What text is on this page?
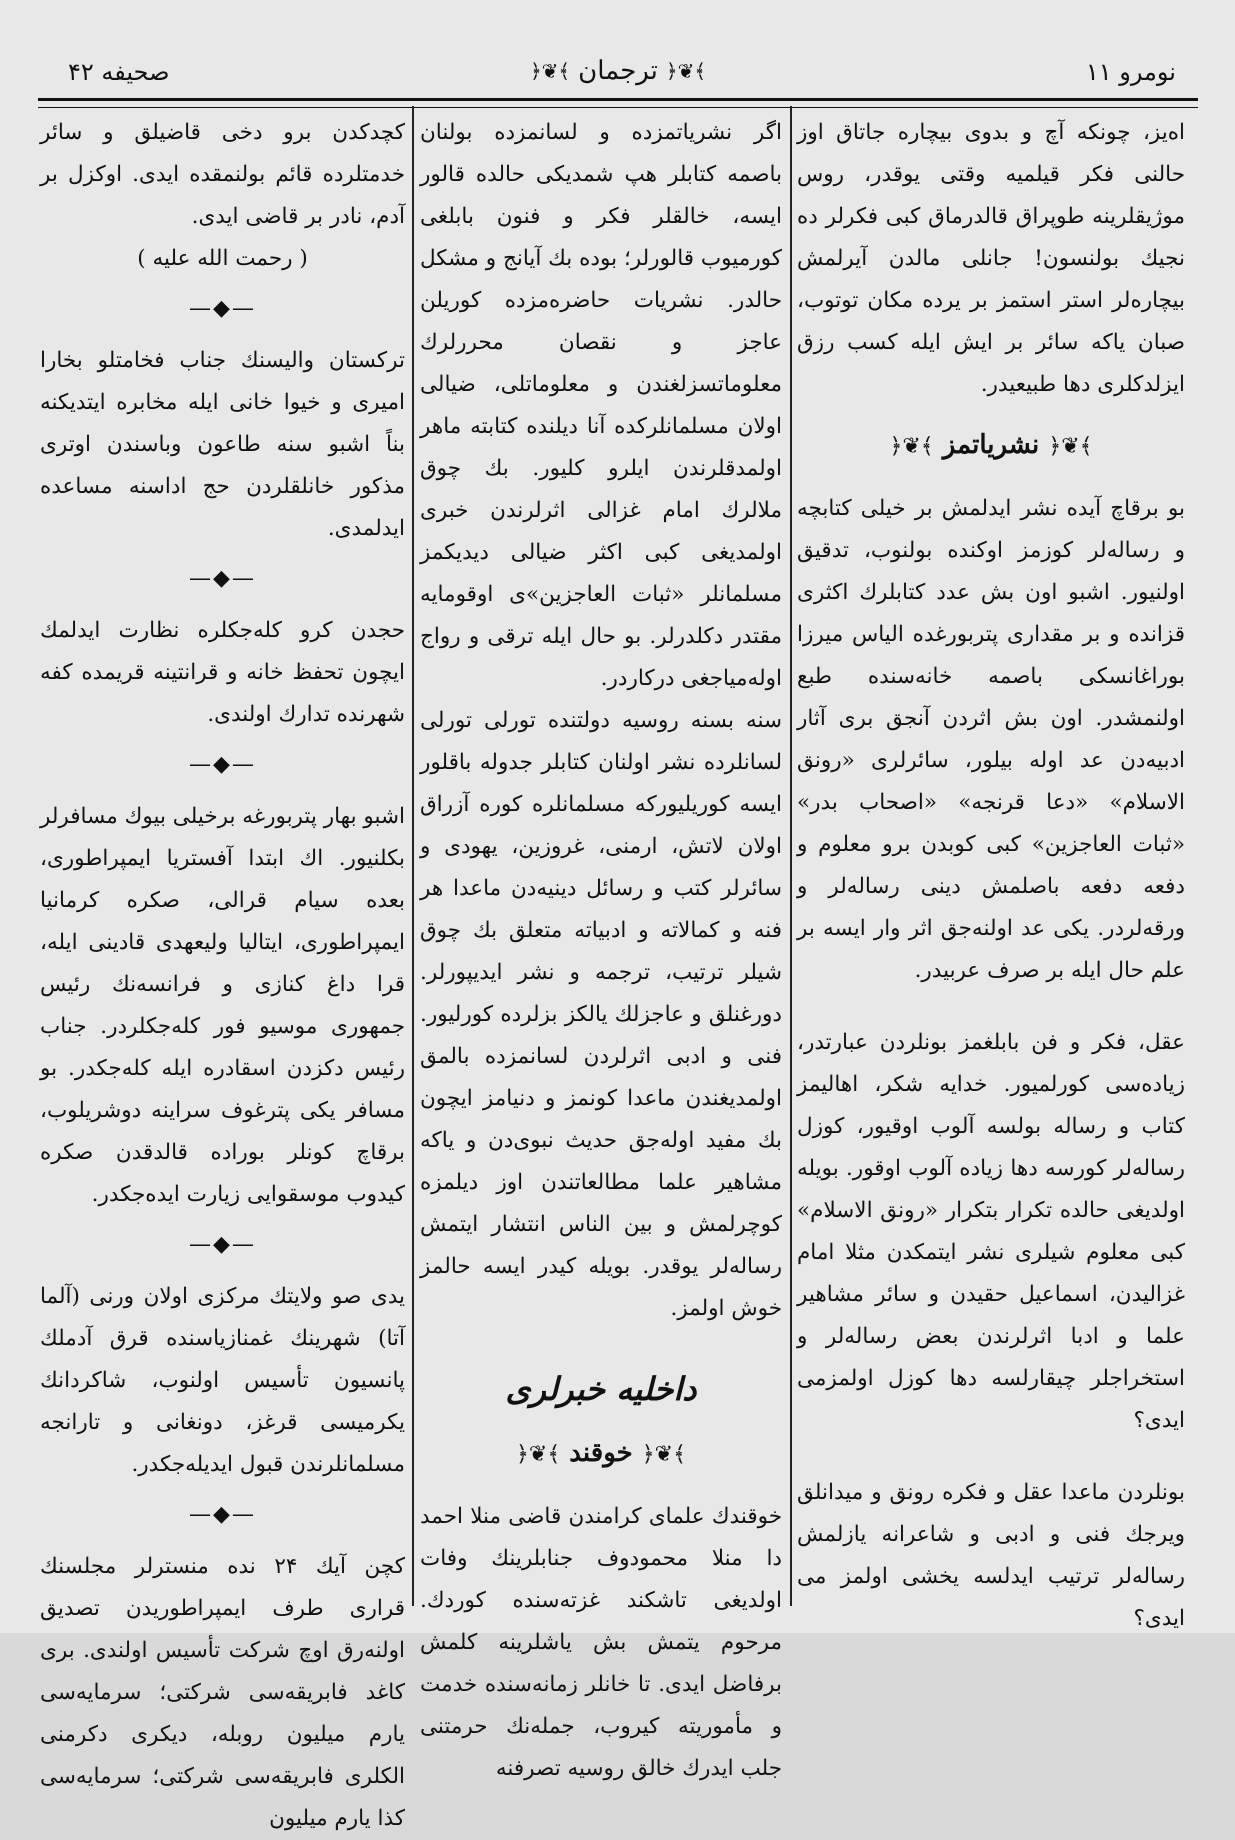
نومرو ۱۱
﴾❦﴿
ترجمان
﴾❦﴿
صحیفه ۴۲

اه‌یز، چونکه آچ و بدوی بیچاره جاتاق اوز حالنی فکر قیلمیه وقتی یوقدر، روس موژیقلرینه طوپراق قالدرماق کبی فکرلر ده نجیك بولنسون! جانلی مالدن آیرلمش بیچاره‌لر استر استمز بر یرده مکان توتوب، صبان یاکه سائر بر ایش ایله کسب رزق ایزلدکلری دها طبیعیدر.

﴾❦﴿ نشریاتمز ﴾❦﴿

بو برقاچ آیده نشر ایدلمش بر خیلی کتابچه و رساله‌لر کوزمز اوکنده بولنوب، تدقیق اولنیور. اشبو اون بش عدد کتابلرك اکثری قزانده و بر مقداری پتربورغده الیاس میرزا بوراغانسکی باصمه خانه‌سنده طبع اولنمشدر. اون بش اثردن آنجق بری آثار ادبیه‌دن عد اوله بیلور، سائرلری «رونق الاسلام» «دعا قرنجه» «اصحاب بدر» «ثبات العاجزین» کبی کوبدن برو معلوم و دفعه دفعه باصلمش دینی رساله‌لر و ورقه‌لردر. یکی عد اولنه‌جق اثر وار ایسه بر علم حال ایله بر صرف عربیدر.

عقل، فکر و فن بابلغمز بونلردن عبارتدر، زیاده‌سی کورلمیور. خدایه شکر، اهالیمز کتاب و رساله بولسه آلوب اوقیور، کوزل رساله‌لر کورسه دها زیاده آلوب اوقور. بویله اولدیغی حالده تکرار بتکرار «رونق الاسلام» کبی معلوم شیلری نشر ایتمکدن مثلا امام غزالیدن، اسماعیل حقیدن و سائر مشاهیر علما و ادبا اثرلرندن بعض رساله‌لر و استخراجلر چیقارلسه دها کوزل اولمزمی ایدی؟

بونلردن ماعدا عقل و فکره رونق و میدانلق ویرجك فنی و ادبی و شاعرانه یازلمش رساله‌لر ترتیب ایدلسه یخشی اولمز می ایدی؟

اگر نشریاتمزده و لسانمزده بولنان باصمه کتابلر هپ شمدیکی حالده قالور ایسه، خالقلر فکر و فنون بابلغی کورمیوب قالورلر؛ بوده بك آیانج و مشکل حالدر. نشریات حاضره‌مزده کوریلن عاجز و نقصان محررلرك معلوماتسزلغندن و معلوماتلی، ضیالی اولان مسلمانلرکده آنا دیلنده کتابته ماهر اولمدقلرندن ایلرو کلیور. بك چوق ملالرك امام غزالی اثرلرندن خبری اولمدیغی کبی اکثر ضیالی دیدیکمز مسلمانلر «ثبات العاجزین»ی اوقومایه مقتدر دکلدرلر. بو حال ایله ترقی و رواج اوله‌میاجغی درکاردر.

سنه بسنه روسیه دولتنده تورلی تورلی لسانلرده نشر اولنان کتابلر جدوله باقلور ایسه کوریلیورکه مسلمانلره کوره آزراق اولان لاتش، ارمنی، غروزین، یهودی و سائرلر کتب و رسائل دینیه‌دن ماعدا هر فنه و کمالاته و ادبیاته متعلق بك چوق شیلر ترتیب، ترجمه و نشر ایدیپورلر. دورغنلق و عاجزلك یالکز بزلرده کورلیور. فنی و ادبی اثرلردن لسانمزده بالمق اولمدیغندن ماعدا کونمز و دنیامز ایچون بك مفید اوله‌جق حدیث نبوی‌دن و یاکه مشاهیر علما مطالعاتندن اوز دیلمزه کوچرلمش و بین الناس انتشار ایتمش رساله‌لر یوقدر. بویله کیدر ایسه حالمز خوش اولمز.

داخلیه خبرلری
﴾❦﴿ خوقند ﴾❦﴿

خوقندك علمای کرامندن قاضی منلا احمد دا منلا محمودوف جنابلرینك وفات اولدیغی تاشکند غزته‌سنده کوردك. مرحوم یتمش بش یاشلرینه کلمش برفاضل ایدی. تا خانلر زمانه‌سنده خدمت و مأموریته کیروب، جمله‌نك حرمتنی جلب ایدرك خالق روسیه تصرفنه

کچدکدن برو دخی قاضیلق و سائر خدمتلرده قائم بولنمقده ایدی. اوکزل بر آدم، نادر بر قاضی ایدی.

( رحمت الله علیه )
—◆—

ترکستان والیسنك جناب فخامتلو بخارا امیری و خیوا خانی ایله مخابره ایتدیکنه بناً اشبو سنه طاعون وباسندن اوتری مذکور خانلقلردن حج اداسنه مساعده ایدلمدی.

—◆—

حجدن کرو کله‌جکلره نظارت ایدلمك ایچون تحفظ خانه و قرانتینه قریمده کفه شهرنده تدارك اولندی.

—◆—

اشبو بهار پتربورغه برخیلی بیوك مسافرلر بکلنیور. اك ابتدا آفستریا ایمپراطوری، بعده سیام قرالی، صکره کرمانیا ایمپراطوری، ایتالیا ولیعهدی قادینی ایله، قرا داغ کنازی و فرانسه‌نك رئیس جمهوری موسیو فور کله‌جکلردر. جناب رئیس دکزدن اسقادره ایله کله‌جکدر. بو مسافر یکی پترغوف سراینه دوشریلوب، برقاچ کونلر بوراده قالدقدن صکره کیدوب موسقوایی زیارت ایده‌جکدر.

—◆—

یدی صو ولایتك مرکزی اولان ورنی (آلما آتا) شهرینك غمنازیاسنده قرق آدملك پانسیون تأسیس اولنوب، شاکردانك یکرمیسی قرغز، دونغانی و تارانجه مسلمانلرندن قبول ایدیله‌جکدر.

—◆—

کچن آیك ۲۴ نده منسترلر مجلسنك قراری طرف ایمپراطوریدن تصدیق اولنه‌رق اوچ شرکت تأسیس اولندی. بری کاغد فابریقه‌سی شرکتی؛ سرمایه‌سی یارم میلیون روبله، دیکری دکرمنی الکلری فابریقه‌سی شرکتی؛ سرمایه‌سی کذا یارم میلیون
